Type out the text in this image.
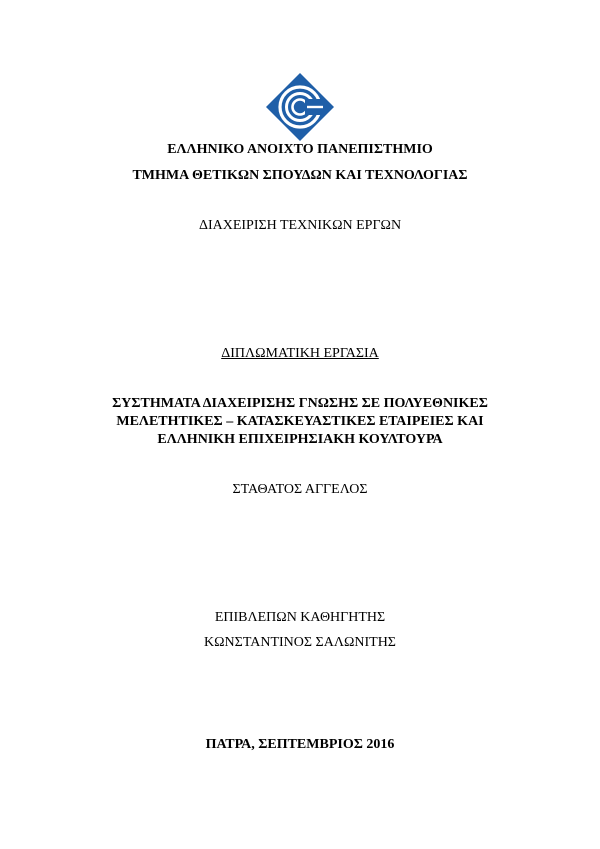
ΕΛΛΗΝΙΚΟ ΑΝΟΙΧΤΟ ΠΑΝΕΠΙΣΤΗΜΙΟ
ΤΜΗΜΑ ΘΕΤΙΚΩΝ ΣΠΟΥΔΩΝ ΚΑΙ ΤΕΧΝΟΛΟΓΙΑΣ
ΔΙΑΧΕΙΡΙΣΗ ΤΕΧΝΙΚΩΝ ΕΡΓΩΝ
ΔΙΠΛΩΜΑΤΙΚΗ ΕΡΓΑΣΙΑ
ΣΥΣΤΗΜΑΤΑ ΔΙΑΧΕΙΡΙΣΗΣ ΓΝΩΣΗΣ ΣΕ ΠΟΛΥΕΘΝΙΚΕΣ
ΜΕΛΕΤΗΤΙΚΕΣ – ΚΑΤΑΣΚΕΥΑΣΤΙΚΕΣ ΕΤΑΙΡΕΙΕΣ ΚΑΙ
ΕΛΛΗΝΙΚΗ ΕΠΙΧΕΙΡΗΣΙΑΚΗ ΚΟΥΛΤΟΥΡΑ
ΣΤΑΘΑΤΟΣ ΑΓΓΕΛΟΣ
ΕΠΙΒΛΕΠΩΝ ΚΑΘΗΓΗΤΗΣ
ΚΩΝΣΤΑΝΤΙΝΟΣ ΣΑΛΩΝΙΤΗΣ
ΠΑΤΡΑ, ΣΕΠΤΕΜΒΡΙΟΣ 2016
